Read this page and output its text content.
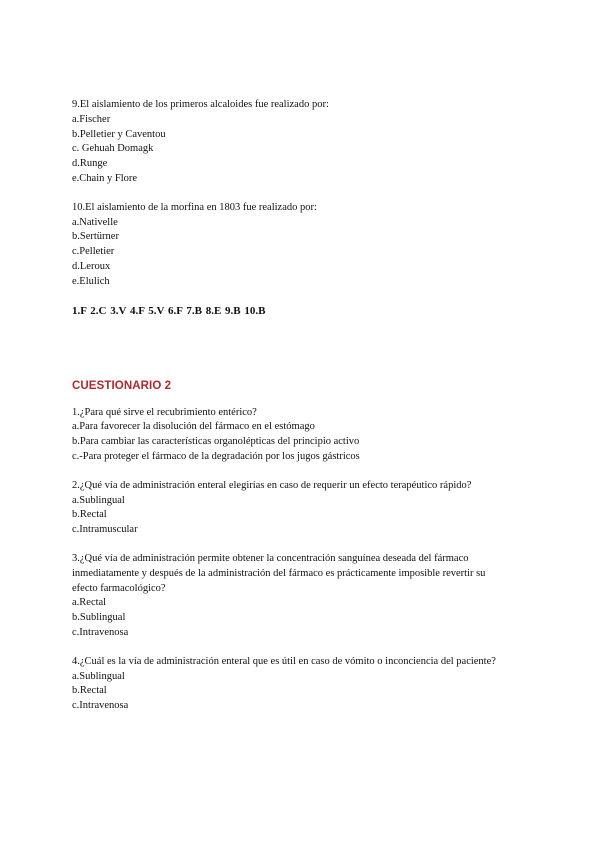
9.El aislamiento de los primeros alcaloides fue realizado por:
a.Fischer
b.Pelletier y Caventou
c. Gehuah Domagk
d.Runge
e.Chain y Flore
10.El aislamiento de la morfina en 1803 fue realizado por:
a.Nativelle
b.Sertürner
c.Pelletier
d.Leroux
e.Elulich
1.F 2.C 3.V 4.F 5.V 6.F 7.B 8.E 9.B 10.B
CUESTIONARIO 2
1.¿Para qué sirve el recubrimiento entérico?
a.Para favorecer la disolución del fármaco en el estómago
b.Para cambiar las características organolépticas del principio activo
c.-Para proteger el fármaco de la degradación por los jugos gástricos
2.¿Qué vía de administración enteral elegirías en caso de requerir un efecto terapéutico rápido?
a.Sublingual
b.Rectal
c.Intramuscular
3.¿Qué vía de administración permite obtener la concentración sanguínea deseada del fármaco
inmediatamente y después de la administración del fármaco es prácticamente imposible revertir su
efecto farmacológico?
a.Rectal
b.Sublingual
c.Intravenosa
4.¿Cuál es la vía de administración enteral que es útil en caso de vómito o inconciencia del paciente?
a.Sublingual
b.Rectal
c.Intravenosa
